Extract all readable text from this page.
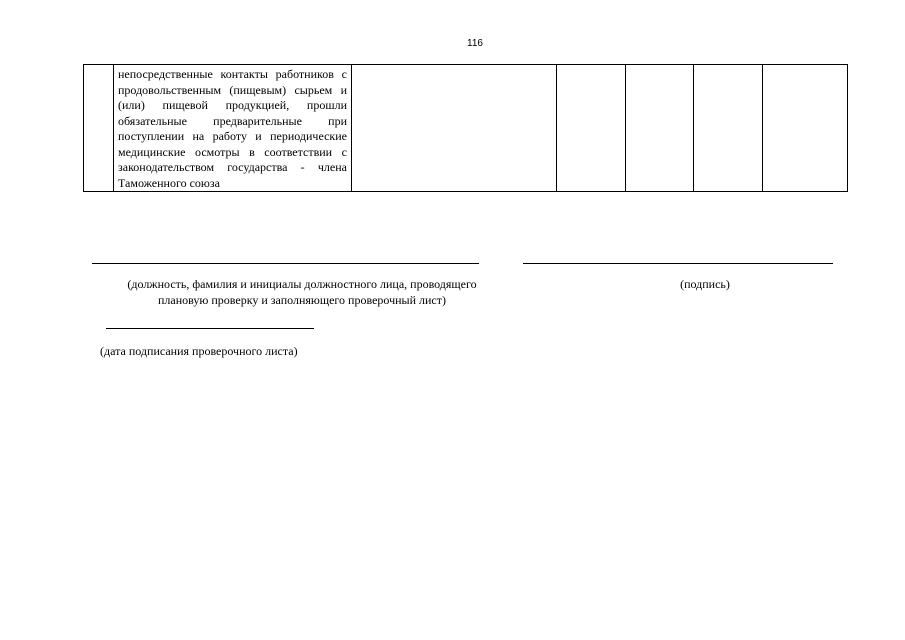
116

непосредственные контакты работников с продовольственным (пищевым) сырьем и (или) пищевой продукцией, прошли обязательные предварительные при поступлении на работу и периодические медицинские осмотры в соответствии с законодательством государства - члена Таможенного союза

(должность, фамилия и инициалы должностного лица, проводящего
плановую проверку и заполняющего проверочный лист)
(подпись)
(дата подписания проверочного листа)
